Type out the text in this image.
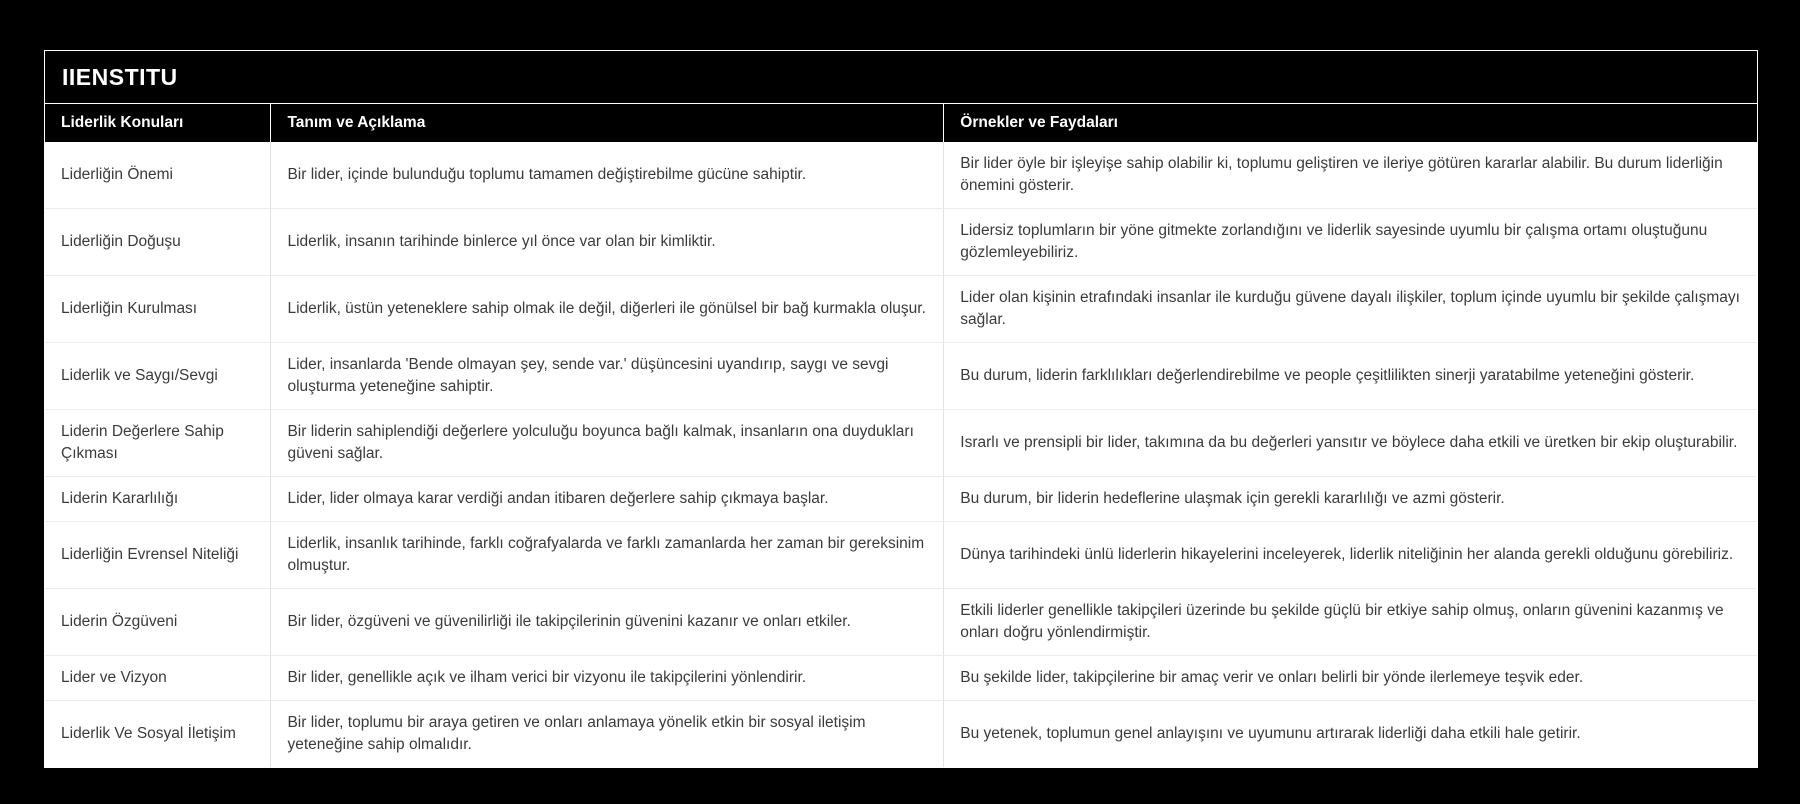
IIENSTITU
Liderlik Konuları	Tanım ve Açıklama	Örnekler ve Faydaları
Liderliğin Önemi	Bir lider, içinde bulunduğu toplumu tamamen değiştirebilme gücüne sahiptir.	Bir lider öyle bir işleyişe sahip olabilir ki, toplumu geliştiren ve ileriye götüren kararlar alabilir. Bu durum liderliğin önemini gösterir.
Liderliğin Doğuşu	Liderlik, insanın tarihinde binlerce yıl önce var olan bir kimliktir.	Lidersiz toplumların bir yöne gitmekte zorlandığını ve liderlik sayesinde uyumlu bir çalışma ortamı oluştuğunu gözlemleyebiliriz.
Liderliğin Kurulması	Liderlik, üstün yeteneklere sahip olmak ile değil, diğerleri ile gönülsel bir bağ kurmakla oluşur.	Lider olan kişinin etrafındaki insanlar ile kurduğu güvene dayalı ilişkiler, toplum içinde uyumlu bir şekilde çalışmayı sağlar.
Liderlik ve Saygı/Sevgi	Lider, insanlarda 'Bende olmayan şey, sende var.' düşüncesini uyandırıp, saygı ve sevgi oluşturma yeteneğine sahiptir.	Bu durum, liderin farklılıkları değerlendirebilme ve people çeşitlilikten sinerji yaratabilme yeteneğini gösterir.
Liderin Değerlere Sahip Çıkması	Bir liderin sahiplendiği değerlere yolculuğu boyunca bağlı kalmak, insanların ona duydukları güveni sağlar.	Israrlı ve prensipli bir lider, takımına da bu değerleri yansıtır ve böylece daha etkili ve üretken bir ekip oluşturabilir.
Liderin Kararlılığı	Lider, lider olmaya karar verdiği andan itibaren değerlere sahip çıkmaya başlar.	Bu durum, bir liderin hedeflerine ulaşmak için gerekli kararlılığı ve azmi gösterir.
Liderliğin Evrensel Niteliği	Liderlik, insanlık tarihinde, farklı coğrafyalarda ve farklı zamanlarda her zaman bir gereksinim olmuştur.	Dünya tarihindeki ünlü liderlerin hikayelerini inceleyerek, liderlik niteliğinin her alanda gerekli olduğunu görebiliriz.
Liderin Özgüveni	Bir lider, özgüveni ve güvenilirliği ile takipçilerinin güvenini kazanır ve onları etkiler.	Etkili liderler genellikle takipçileri üzerinde bu şekilde güçlü bir etkiye sahip olmuş, onların güvenini kazanmış ve onları doğru yönlendirmiştir.
Lider ve Vizyon	Bir lider, genellikle açık ve ilham verici bir vizyonu ile takipçilerini yönlendirir.	Bu şekilde lider, takipçilerine bir amaç verir ve onları belirli bir yönde ilerlemeye teşvik eder.
Liderlik Ve Sosyal İletişim	Bir lider, toplumu bir araya getiren ve onları anlamaya yönelik etkin bir sosyal iletişim yeteneğine sahip olmalıdır.	Bu yetenek, toplumun genel anlayışını ve uyumunu artırarak liderliği daha etkili hale getirir.
